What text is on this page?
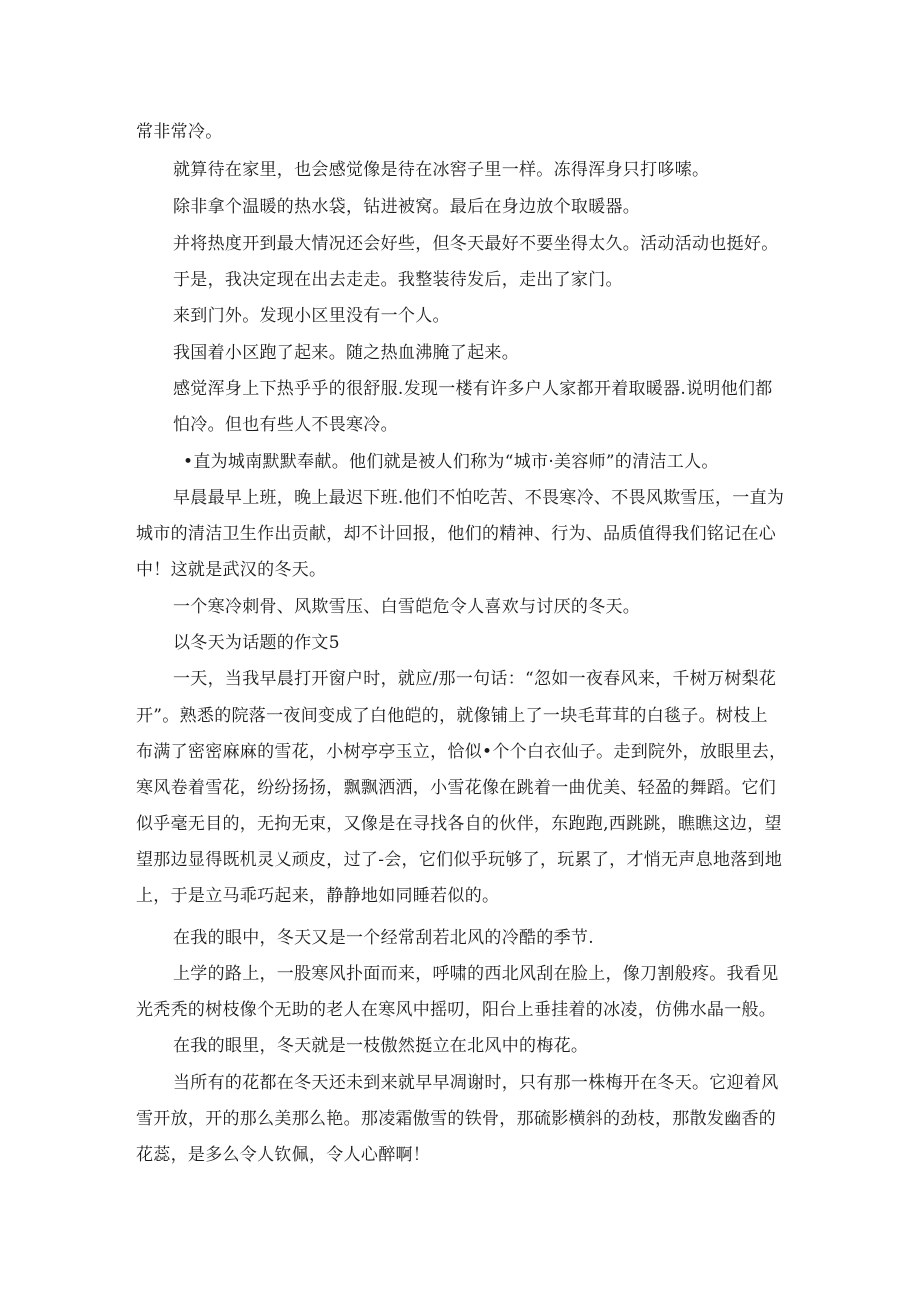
常非常冷。
就算待在家里，也会感觉像是待在冰窖子里一样。冻得浑身只打哆嗦。
除非拿个温暖的热水袋，钻进被窝。最后在身边放个取暖器。
并将热度开到最大情况还会好些，但冬天最好不要坐得太久。活动活动也挺好。
于是，我决定现在出去走走。我整装待发后，走出了家门。
来到门外。发现小区里没有一个人。
我国着小区跑了起来。随之热血沸腌了起来。
感觉浑身上下热乎乎的很舒服.发现一楼有许多户人家都开着取暖器.说明他们都
怕冷。但也有些人不畏寒冷。
•直为城南默默奉献。他们就是被人们称为“城市·美容师”的清洁工人。
早晨最早上班，晚上最迟下班.他们不怕吃苦、不畏寒冷、不畏风欺雪压，一直为
城市的清洁卫生作出贡献，却不计回报，他们的精神、行为、品质值得我们铭记在心
中！这就是武汉的冬天。
一个寒冷刺骨、风欺雪压、白雪皑危令人喜欢与讨厌的冬天。
以冬天为话题的作文5
一天，当我早晨打开窗户时，就应/那一句话：“忽如一夜春风来，千树万树梨花
开”。熟悉的院落一夜间变成了白他皑的，就像铺上了一块毛茸茸的白毯子。树枝上
布满了密密麻麻的雪花，小树亭亭玉立，恰似•个个白衣仙子。走到院外，放眼里去，
寒风卷着雪花，纷纷扬扬，飘飘洒洒，小雪花像在跳着一曲优美、轻盈的舞蹈。它们
似乎毫无目的，无拘无束，又像是在寻找各自的伙伴，东跑跑,西跳跳，瞧瞧这边，望
望那边显得既机灵乂顽皮，过了-会，它们似乎玩够了，玩累了，才悄无声息地落到地
上，于是立马乖巧起来，静静地如同睡若似的。
在我的眼中，冬天又是一个经常刮若北风的冷酷的季节.
上学的路上，一股寒风扑面而来，呼啸的西北风刮在脸上，像刀割般疼。我看见
光秃秃的树枝像个无助的老人在寒风中摇叨，阳台上垂挂着的冰凌，仿佛水晶一般。
在我的眼里，冬天就是一枝傲然挺立在北风中的梅花。
当所有的花都在冬天还未到来就早早凋谢时，只有那一株梅开在冬天。它迎着风
雪开放，开的那么美那么艳。那凌霜傲雪的铁骨，那硫影横斜的劲枝，那散发幽香的
花蕊，是多么令人钦佩，令人心醉啊！
